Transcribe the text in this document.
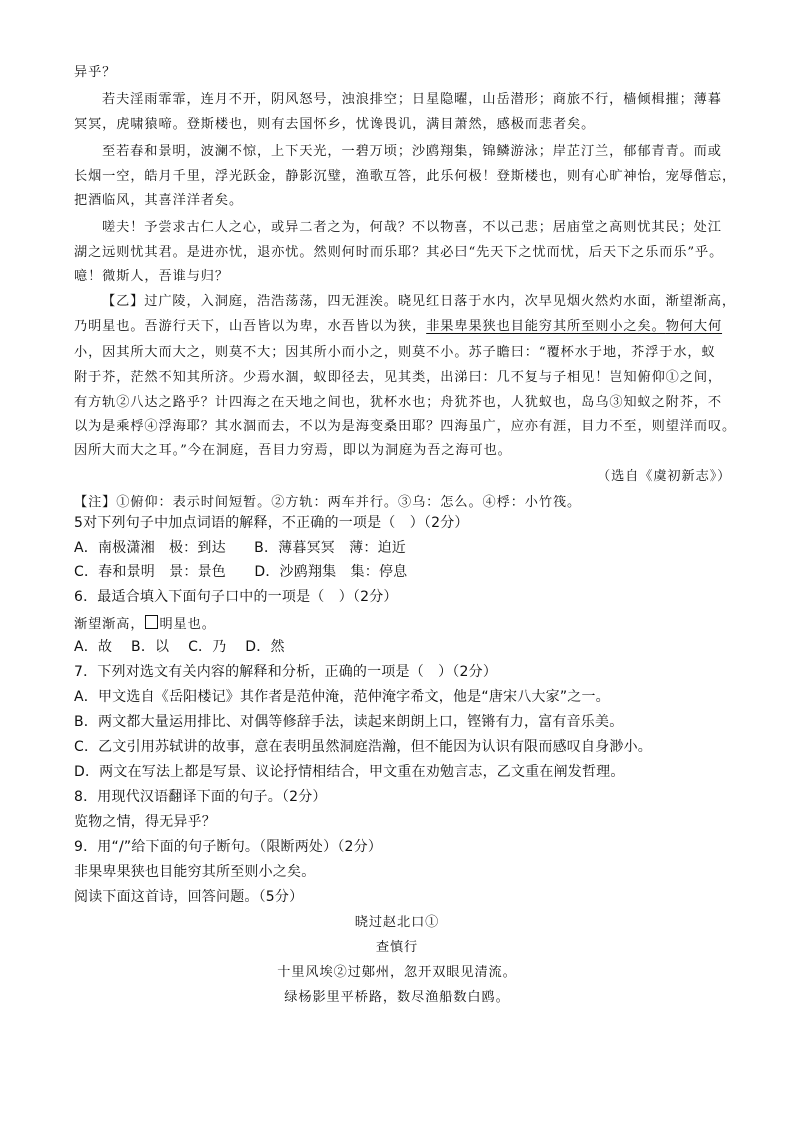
异乎？
若夫淫雨霏霏，连月不开，阴风怒号，浊浪排空；日星隐曜，山岳潜形；商旅不行，樯倾楫摧；薄暮
冥冥，虎啸猿啼。登斯楼也，则有去国怀乡，忧谗畏讥，满目萧然，感极而悲者矣。
至若春和景明，波澜不惊，上下天光，一碧万顷；沙鸥翔集，锦鳞游泳；岸芷汀兰，郁郁青青。而或
长烟一空，皓月千里，浮光跃金，静影沉璧，渔歌互答，此乐何极！登斯楼也，则有心旷神怡，宠辱偕忘，
把酒临风，其喜洋洋者矣。
嗟夫！予尝求古仁人之心，或异二者之为，何哉？不以物喜，不以己悲；居庙堂之高则忧其民；处江
湖之远则忧其君。是进亦忧，退亦忧。然则何时而乐耶？其必曰“先天下之忧而忧，后天下之乐而乐”乎。
噫！微斯人，吾谁与归？
【乙】过广陵，入洞庭，浩浩荡荡，四无涯涘。晓见红日落于水内，次早见烟火然灼水面，渐望渐高，
乃明星也。吾游行天下，山吾皆以为卑，水吾皆以为狭，非果卑果狭也目能穷其所至则小之矣。物何大何
小，因其所大而大之，则莫不大；因其所小而小之，则莫不小。苏子瞻曰：“覆杯水于地，芥浮于水，蚁
附于芥，茫然不知其所济。少焉水涸，蚁即径去，见其类，出涕曰：几不复与子相见！岂知俯仰①之间，
有方轨②八达之路乎？计四海之在天地之间也，犹杯水也；舟犹芥也，人犹蚁也，岛乌③知蚁之附芥，不
以为是乘桴④浮海耶？其水涸而去，不以为是海变桑田耶？四海虽广，应亦有涯，目力不至，则望洋而叹。
因所大而大之耳。”今在洞庭，吾目力穷焉，即以为洞庭为吾之海可也。
（选自《虞初新志》）
【注】①俯仰：表示时间短暂。②方轨：两车并行。③乌：怎么。④桴：小竹筏。
5对下列句子中加点词语的解释，不正确的一项是（　）（2分）
A．南极潇湘　极：到达　　B．薄暮冥冥　薄：迫近
C．春和景明　景：景色　　D．沙鸥翔集　集：停息
6．最适合填入下面句子口中的一项是（　）（2分）
渐望渐高， 明星也。
A．故　 B．以　 C．乃　 D．然
7．下列对选文有关内容的解释和分析，正确的一项是（　）（2分）
A．甲文选自《岳阳楼记》其作者是范仲淹，范仲淹字希文，他是“唐宋八大家”之一。
B．两文都大量运用排比、对偶等修辞手法，读起来朗朗上口，铿锵有力，富有音乐美。
C．乙文引用苏轼讲的故事，意在表明虽然洞庭浩瀚，但不能因为认识有限而感叹自身渺小。
D．两文在写法上都是写景、议论抒情相结合，甲文重在劝勉言志，乙文重在阐发哲理。
8．用现代汉语翻译下面的句子。（2分）
览物之情，得无异乎？
9．用“/”给下面的句子断句。（限断两处）（2分）
非果卑果狭也目能穷其所至则小之矣。
阅读下面这首诗，回答问题。（5分）
晓过赵北口①
查慎行
十里风埃②过鄚州，忽开双眼见清流。
绿杨影里平桥路，数尽渔船数白鸥。
